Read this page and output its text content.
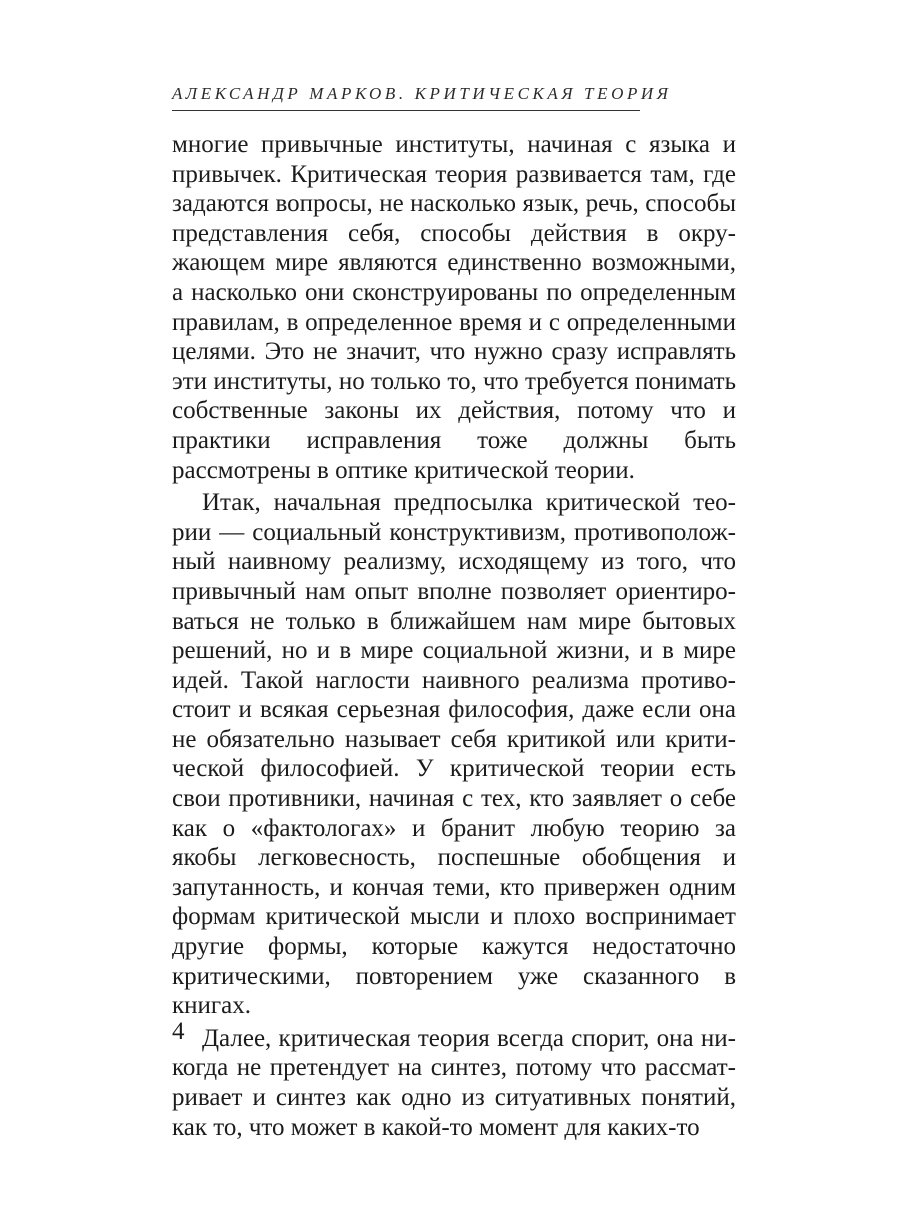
АЛЕКСАНДР МАРКОВ. КРИТИЧЕСКАЯ ТЕОРИЯ

многие привычные институты, начиная с языка и привычек. Критическая теория развивается там, где задаются вопросы, не насколько язык, речь, способы представления себя, способы действия в окружающем мире являются единственно возможными, а насколько они сконструированы по определенным правилам, в определенное время и с определенными целями. Это не значит, что нужно сразу исправлять эти институты, но только то, что требуется понимать собственные законы их действия, потому что и практики исправления тоже должны быть рассмотрены в оптике критической теории.

Итак, начальная предпосылка критической теории — социальный конструктивизм, противоположный наивному реализму, исходящему из того, что привычный нам опыт вполне позволяет ориентироваться не только в ближайшем нам мире бытовых решений, но и в мире социальной жизни, и в мире идей. Такой наглости наивного реализма противостоит и всякая серьезная философия, даже если она не обязательно называет себя критикой или критической философией. У критической теории есть свои противники, начиная с тех, кто заявляет о себе как о «фактологах» и бранит любую теорию за якобы легковесность, поспешные обобщения и запутанность, и кончая теми, кто привержен одним формам критической мысли и плохо воспринимает другие формы, которые кажутся недостаточно критическими, повторением уже сказанного в книгах.

Далее, критическая теория всегда спорит, она никогда не претендует на синтез, потому что рассматривает и синтез как одно из ситуативных понятий, как то, что может в какой-то момент для каких-то

4
